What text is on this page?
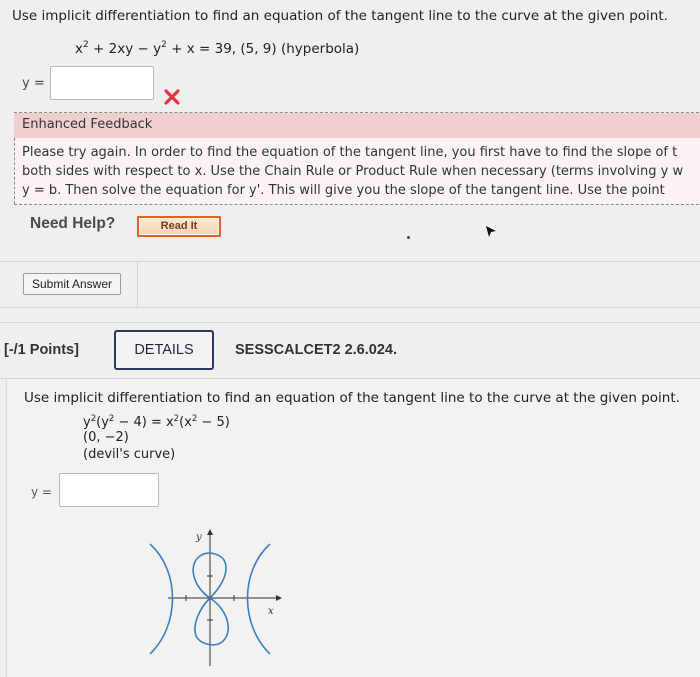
Use implicit differentiation to find an equation of the tangent line to the curve at the given point.
$x^2 + 2xy - y^2 + x = 39$, (5, 9) (hyperbola)
y =
Enhanced Feedback
Please try again. In order to find the equation of the tangent line, you first have to find the slope of t
both sides with respect to x. Use the Chain Rule or Product Rule when necessary (terms involving y w
y = b. Then solve the equation for y'. This will give you the slope of the tangent line. Use the point
Need Help?	Read It
Submit Answer
[-/1 Points]	DETAILS	SESSCALCET2 2.6.024.
Use implicit differentiation to find an equation of the tangent line to the curve at the given point.
$y^2(y^2 - 4) = x^2(x^2 - 5)$
(0, −2)
(devil's curve)
y =
y
x
